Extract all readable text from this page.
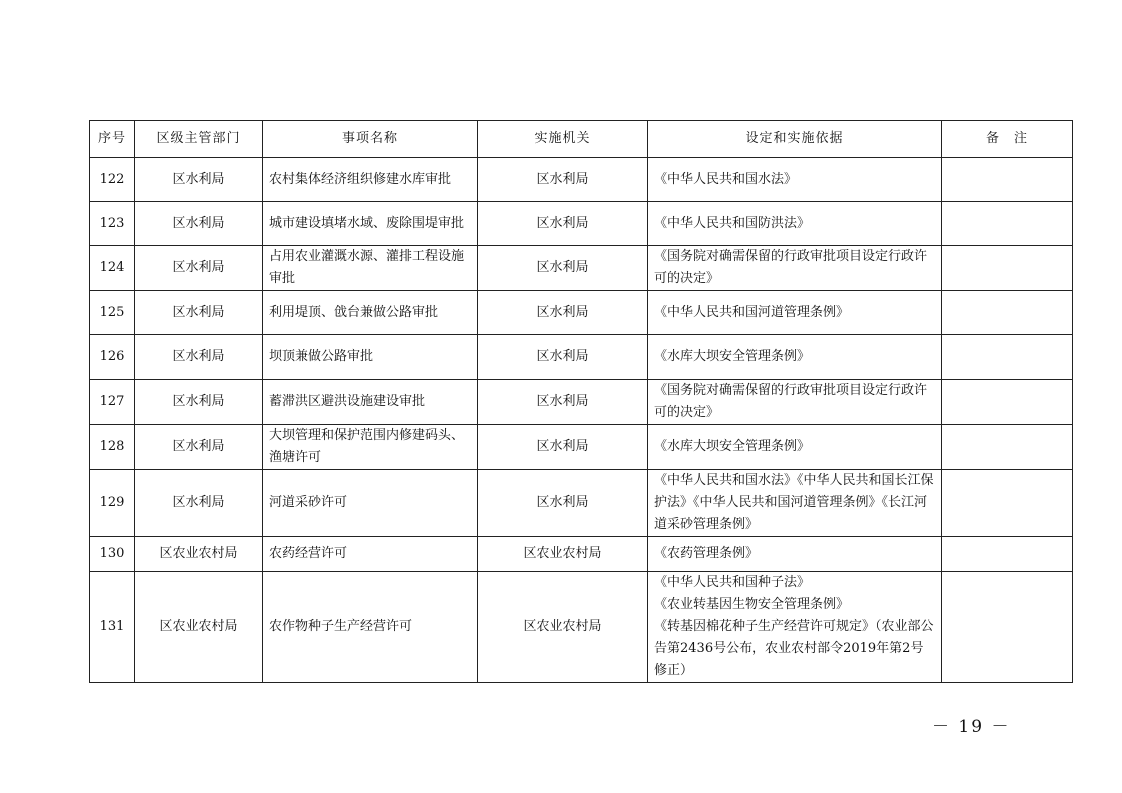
序号	区级主管部门	事项名称	实施机关	设定和实施依据	备　注
122	区水利局	农村集体经济组织修建水库审批	区水利局	《中华人民共和国水法》	

123	区水利局	城市建设填堵水域、废除围堤审批	区水利局	《中华人民共和国防洪法》	

124	区水利局	占用农业灌溉水源、灌排工程设施审批	区水利局	《国务院对确需保留的行政审批项目设定行政许可的决定》	

125	区水利局	利用堤顶、戗台兼做公路审批	区水利局	《中华人民共和国河道管理条例》	

126	区水利局	坝顶兼做公路审批	区水利局	《水库大坝安全管理条例》	

127	区水利局	蓄滞洪区避洪设施建设审批	区水利局	《国务院对确需保留的行政审批项目设定行政许可的决定》	

128	区水利局	大坝管理和保护范围内修建码头、渔塘许可	区水利局	《水库大坝安全管理条例》	

129	区水利局	河道采砂许可	区水利局	《中华人民共和国水法》《中华人民共和国长江保护法》《中华人民共和国河道管理条例》《长江河道采砂管理条例》	

130	区农业农村局	农药经营许可	区农业农村局	《农药管理条例》	

131	区农业农村局	农作物种子生产经营许可	区农业农村局	《中华人民共和国种子法》
《农业转基因生物安全管理条例》
《转基因棉花种子生产经营许可规定》（农业部公告第2436号公布，农业农村部令2019年第2号修正）	

－ 19 －
